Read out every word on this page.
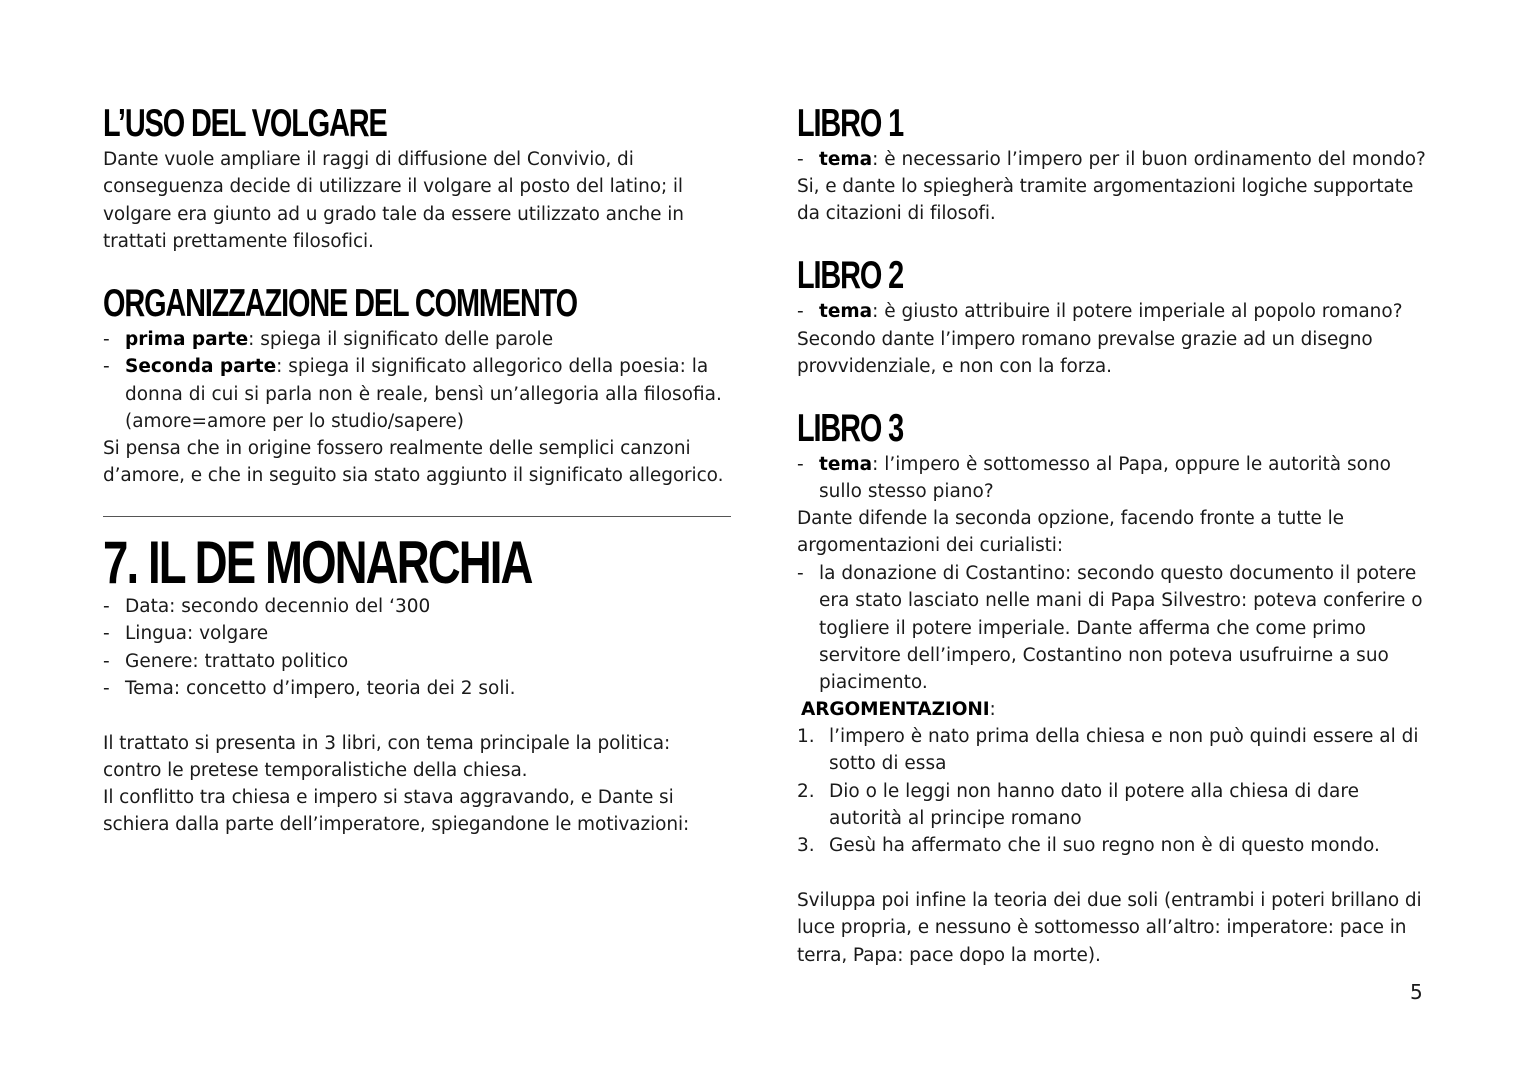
L’USO DEL VOLGARE

Dante vuole ampliare il raggi di diffusione del Convivio, di conseguenza decide di utilizzare il volgare al posto del latino; il volgare era giunto ad u grado tale da essere utilizzato anche in trattati prettamente filosofici.

ORGANIZZAZIONE DEL COMMENTO
- prima parte: spiega il significato delle parole
- Seconda parte: spiega il significato allegorico della poesia: la donna di cui si parla non è reale, bensì un’allegoria alla filosofia. (amore=amore per lo studio/sapere)

Si pensa che in origine fossero realmente delle semplici canzoni d’amore, e che in seguito sia stato aggiunto il significato allegorico.

7. IL DE MONARCHIA
- Data: secondo decennio del ‘300
- Lingua: volgare
- Genere: trattato politico
- Tema: concetto d’impero, teoria dei 2 soli.

Il trattato si presenta in 3 libri, con tema principale la politica: contro le pretese temporalistiche della chiesa.

Il conflitto tra chiesa e impero si stava aggravando, e Dante si schiera dalla parte dell’imperatore, spiegandone le motivazioni:

LIBRO 1
- tema: è necessario l’impero per il buon ordinamento del mondo?

Si, e dante lo spiegherà tramite argomentazioni logiche supportate da citazioni di filosofi.

LIBRO 2
- tema: è giusto attribuire il potere imperiale al popolo romano?

Secondo dante l’impero romano prevalse grazie ad un disegno provvidenziale, e non con la forza.

LIBRO 3
- tema: l’impero è sottomesso al Papa, oppure le autorità sono sullo stesso piano?

Dante difende la seconda opzione, facendo fronte a tutte le argomentazioni dei curialisti:

- la donazione di Costantino: secondo questo documento il potere era stato lasciato nelle mani di Papa Silvestro: poteva conferire o togliere il potere imperiale. Dante afferma che come primo servitore dell’impero, Costantino non poteva usufruirne a suo piacimento.

ARGOMENTAZIONI:

1. l’impero è nato prima della chiesa e non può quindi essere al di sotto di essa
2. Dio o le leggi non hanno dato il potere alla chiesa di dare autorità al principe romano
3. Gesù ha affermato che il suo regno non è di questo mondo.

Sviluppa poi infine la teoria dei due soli (entrambi i poteri brillano di luce propria, e nessuno è sottomesso all’altro: imperatore: pace in terra, Papa: pace dopo la morte).

5
